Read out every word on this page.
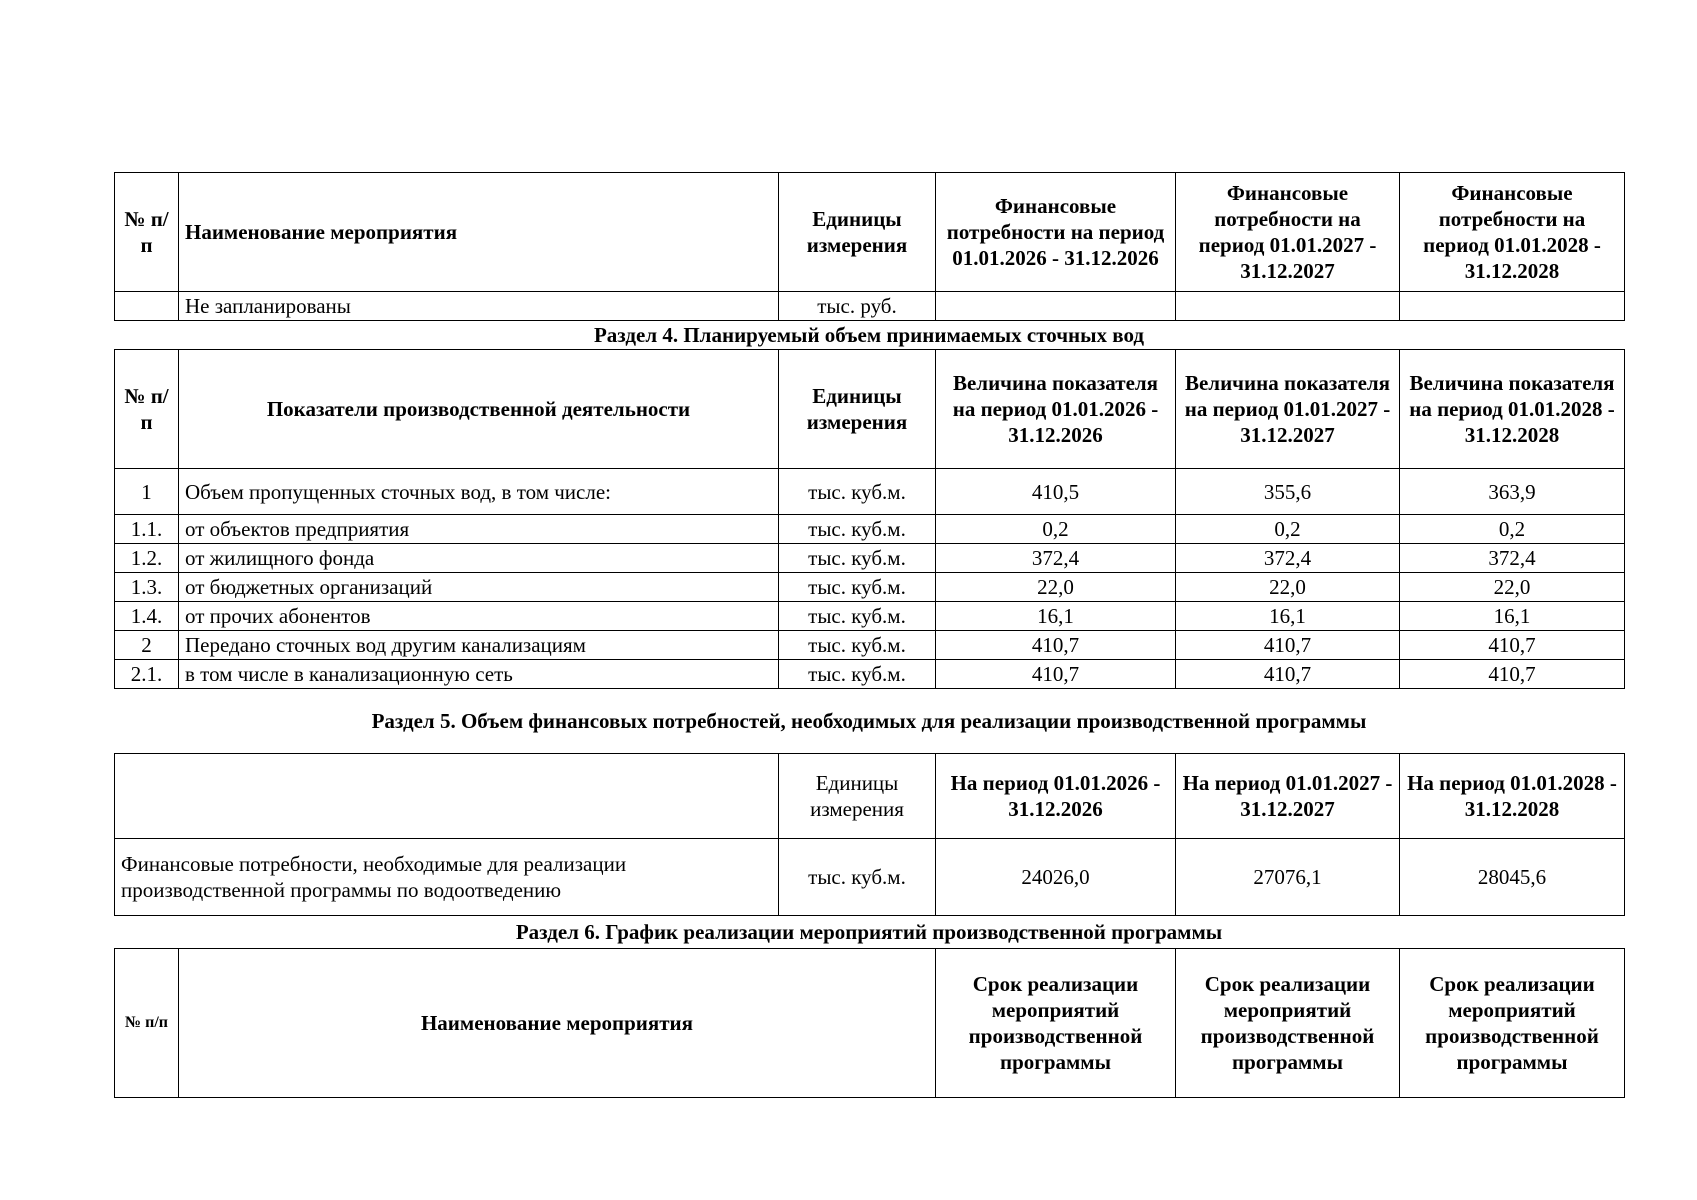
№ п/п	Наименование мероприятия	Единицы измерения	Финансовые потребности на период 01.01.2026 - 31.12.2026	Финансовые потребности на период 01.01.2027 - 31.12.2027	Финансовые потребности на период 01.01.2028 - 31.12.2028
	Не запланированы	тыс. руб.			
Раздел 4. Планируемый объем принимаемых сточных вод
№ п/п	Показатели производственной деятельности	Единицы измерения	Величина показателя на период 01.01.2026 - 31.12.2026	Величина показателя на период 01.01.2027 - 31.12.2027	Величина показателя на период 01.01.2028 - 31.12.2028
1	Объем пропущенных сточных вод, в том числе:	тыс. куб.м.	410,5	355,6	363,9
1.1.	от объектов предприятия	тыс. куб.м.	0,2	0,2	0,2
1.2.	от жилищного фонда	тыс. куб.м.	372,4	372,4	372,4
1.3.	от бюджетных организаций	тыс. куб.м.	22,0	22,0	22,0
1.4.	от прочих абонентов	тыс. куб.м.	16,1	16,1	16,1
2	Передано сточных вод другим канализациям	тыс. куб.м.	410,7	410,7	410,7
2.1.	в том числе в канализационную сеть	тыс. куб.м.	410,7	410,7	410,7
Раздел 5. Объем финансовых потребностей, необходимых для реализации производственной программы
	Единицы измерения	На период 01.01.2026 - 31.12.2026	На период 01.01.2027 - 31.12.2027	На период 01.01.2028 - 31.12.2028
Финансовые потребности, необходимые для реализации производственной программы по водоотведению	тыс. куб.м.	24026,0	27076,1	28045,6
Раздел 6. График реализации мероприятий производственной программы
№ п/п	Наименование мероприятия	Срок реализации мероприятий производственной программы	Срок реализации мероприятий производственной программы	Срок реализации мероприятий производственной программы
